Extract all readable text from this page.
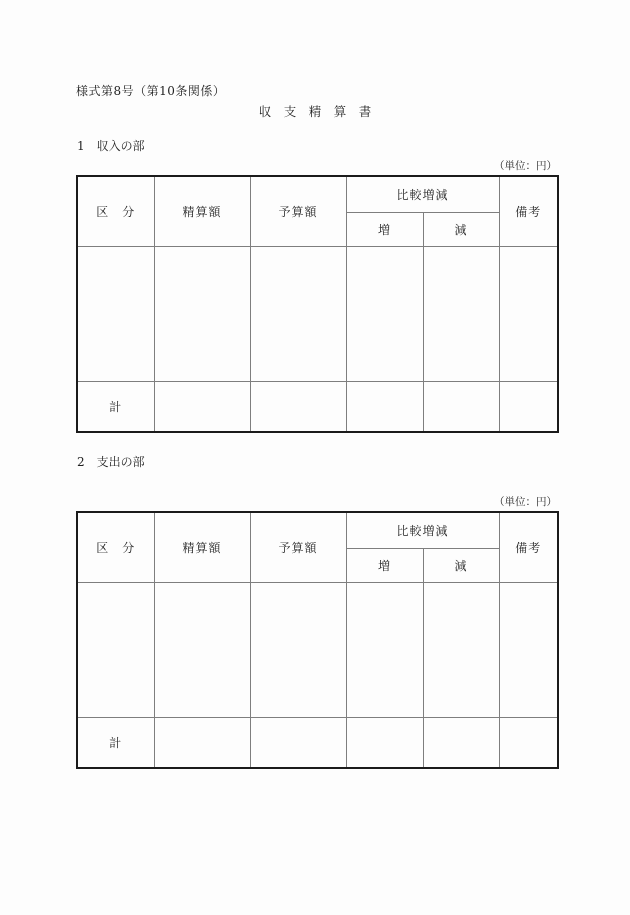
様式第8号（第10条関係）
収　支　精　算　書
1　収入の部
（単位：円）
区　分	精算額	予算額	比較増減		備考
			増	減	

計					
2　支出の部
（単位：円）
区　分	精算額	予算額	比較増減		備考
			増	減	

計					
